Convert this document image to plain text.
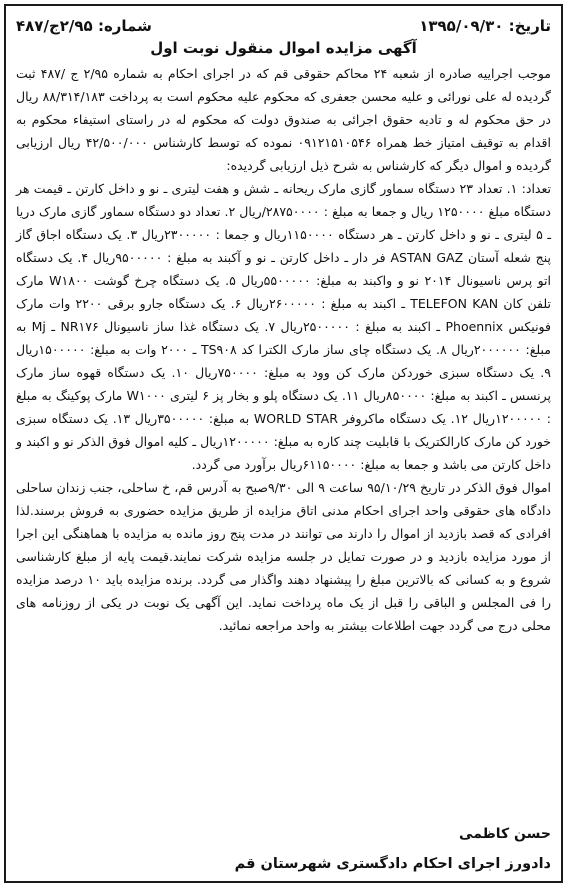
تاریخ: ۱۳۹۵/۰۹/۳۰
شماره: ۲/۹۵ج/۴۸۷
آگهی مزایده اموال منقول نوبت اول

موجب اجراییه صادره از شعبه ۲۴ محاکم حقوقی قم که در اجرای احکام به شماره ۲/۹۵ ج /۴۸۷ ثبت گردیده له علی نورائی و علیه محسن جعفری که محکوم علیه محکوم است به پرداخت ۸۸/۳۱۴/۱۸۳ ریال در حق محکوم له و تادیه حقوق اجرائی به صندوق دولت که محکوم له در راستای استیفاء محکوم به اقدام به توقیف امتیاز خط همراه ۰۹۱۲۱۵۱۰۵۴۶ نموده که توسط کارشناس ۴۲/۵۰۰/۰۰۰ ریال ارزیابی گردیده و اموال دیگر که کارشناس به شرح ذیل ارزیابی گردیده:

تعداد: ۱. تعداد ۲۳ دستگاه سماور گازی مارک ریحانه ـ شش و هفت لیتری ـ نو و داخل کارتن ـ قیمت هر دستگاه مبلغ ۱۲۵۰۰۰۰ ریال و جمعا به مبلغ : ۲۸۷۵۰۰۰۰/ریال ۲. تعداد دو دستگاه سماور گازی مارک دریا ـ ۵ لیتری ـ نو و داخل کارتن ـ هر دستگاه ۱۱۵۰۰۰۰ریال و جمعا : ۲۳۰۰۰۰۰ریال ۳. یک دستگاه اجاق گاز پنج شعله آستان ASTAN GAZ فر دار ـ داخل کارتن ـ نو و آکبند به مبلغ : ۹۵۰۰۰۰۰ریال ۴. یک دستگاه اتو پرس ناسیونال ۲۰۱۴ نو و واکبند به مبلغ: ۵۵۰۰۰۰۰ریال ۵. یک دستگاه چرخ گوشت W۱۸۰۰ مارک تلفن کان TELEFON KAN ـ اکبند به مبلغ : ۲۶۰۰۰۰۰ریال ۶. یک دستگاه جارو برقی ۲۲۰۰ وات مارک فونیکس Phoennix ـ اکبند به مبلغ : ۲۵۰۰۰۰۰ریال ۷. یک دستگاه غذا ساز ناسیونال NR۱۷۶ ـ Mj به مبلغ: ۲۰۰۰۰۰۰ریال ۸. یک دستگاه چای ساز مارک الکترا کد TS۹۰۸ ـ ۲۰۰۰ وات به مبلغ: ۱۵۰۰۰۰۰ریال ۹. یک دستگاه سبزی خوردکن مارک کن وود به مبلغ: ۷۵۰۰۰۰ریال ۱۰. یک دستگاه قهوه ساز مارک پرنسس ـ اکبند به مبلغ: ۸۵۰۰۰۰ریال ۱۱. یک دستگاه پلو و بخار پز ۶ لیتری W۱۰۰۰ مارک پوکینگ به مبلغ : ۱۲۰۰۰۰۰ریال ۱۲. یک دستگاه ماکروفر WORLD STAR به مبلغ: ۳۵۰۰۰۰۰ریال ۱۳. یک دستگاه سبزی خورد کن مارک کارالکتریک با قابلیت چند کاره به مبلغ: ۱۲۰۰۰۰۰ریال ـ کلیه اموال فوق الذکر نو و اکبند و داخل کارتن می باشد و جمعا به مبلغ: ۶۱۱۵۰۰۰۰ریال برآورد می گردد.

اموال فوق الذکر در تاریخ ۹۵/۱۰/۲۹ ساعت ۹ الی ۹/۳۰صبح به آدرس قم، خ ساحلی، جنب زندان ساحلی دادگاه های حقوقی واحد اجرای احکام مدنی اتاق مزایده از طریق مزایده حضوری به فروش برسند.لذا افرادی که قصد بازدید از اموال را دارند می توانند در مدت پنج روز مانده به مزایده با هماهنگی این اجرا از مورد مزایده بازدید و در صورت تمایل در جلسه مزایده شرکت نمایند.قیمت پایه از مبلغ کارشناسی شروع و به کسانی که بالاترین مبلغ را پیشنهاد دهند واگذار می گردد. برنده مزایده باید ۱۰ درصد مزایده را فی المجلس و الباقی را قبل از یک ماه پرداخت نماید. این آگهی یک نوبت در یکی از روزنامه های محلی درج می گردد جهت اطلاعات بیشتر به واحد مراجعه نمائید.

حسن کاظمی
دادورز اجرای احکام دادگستری شهرستان قم
